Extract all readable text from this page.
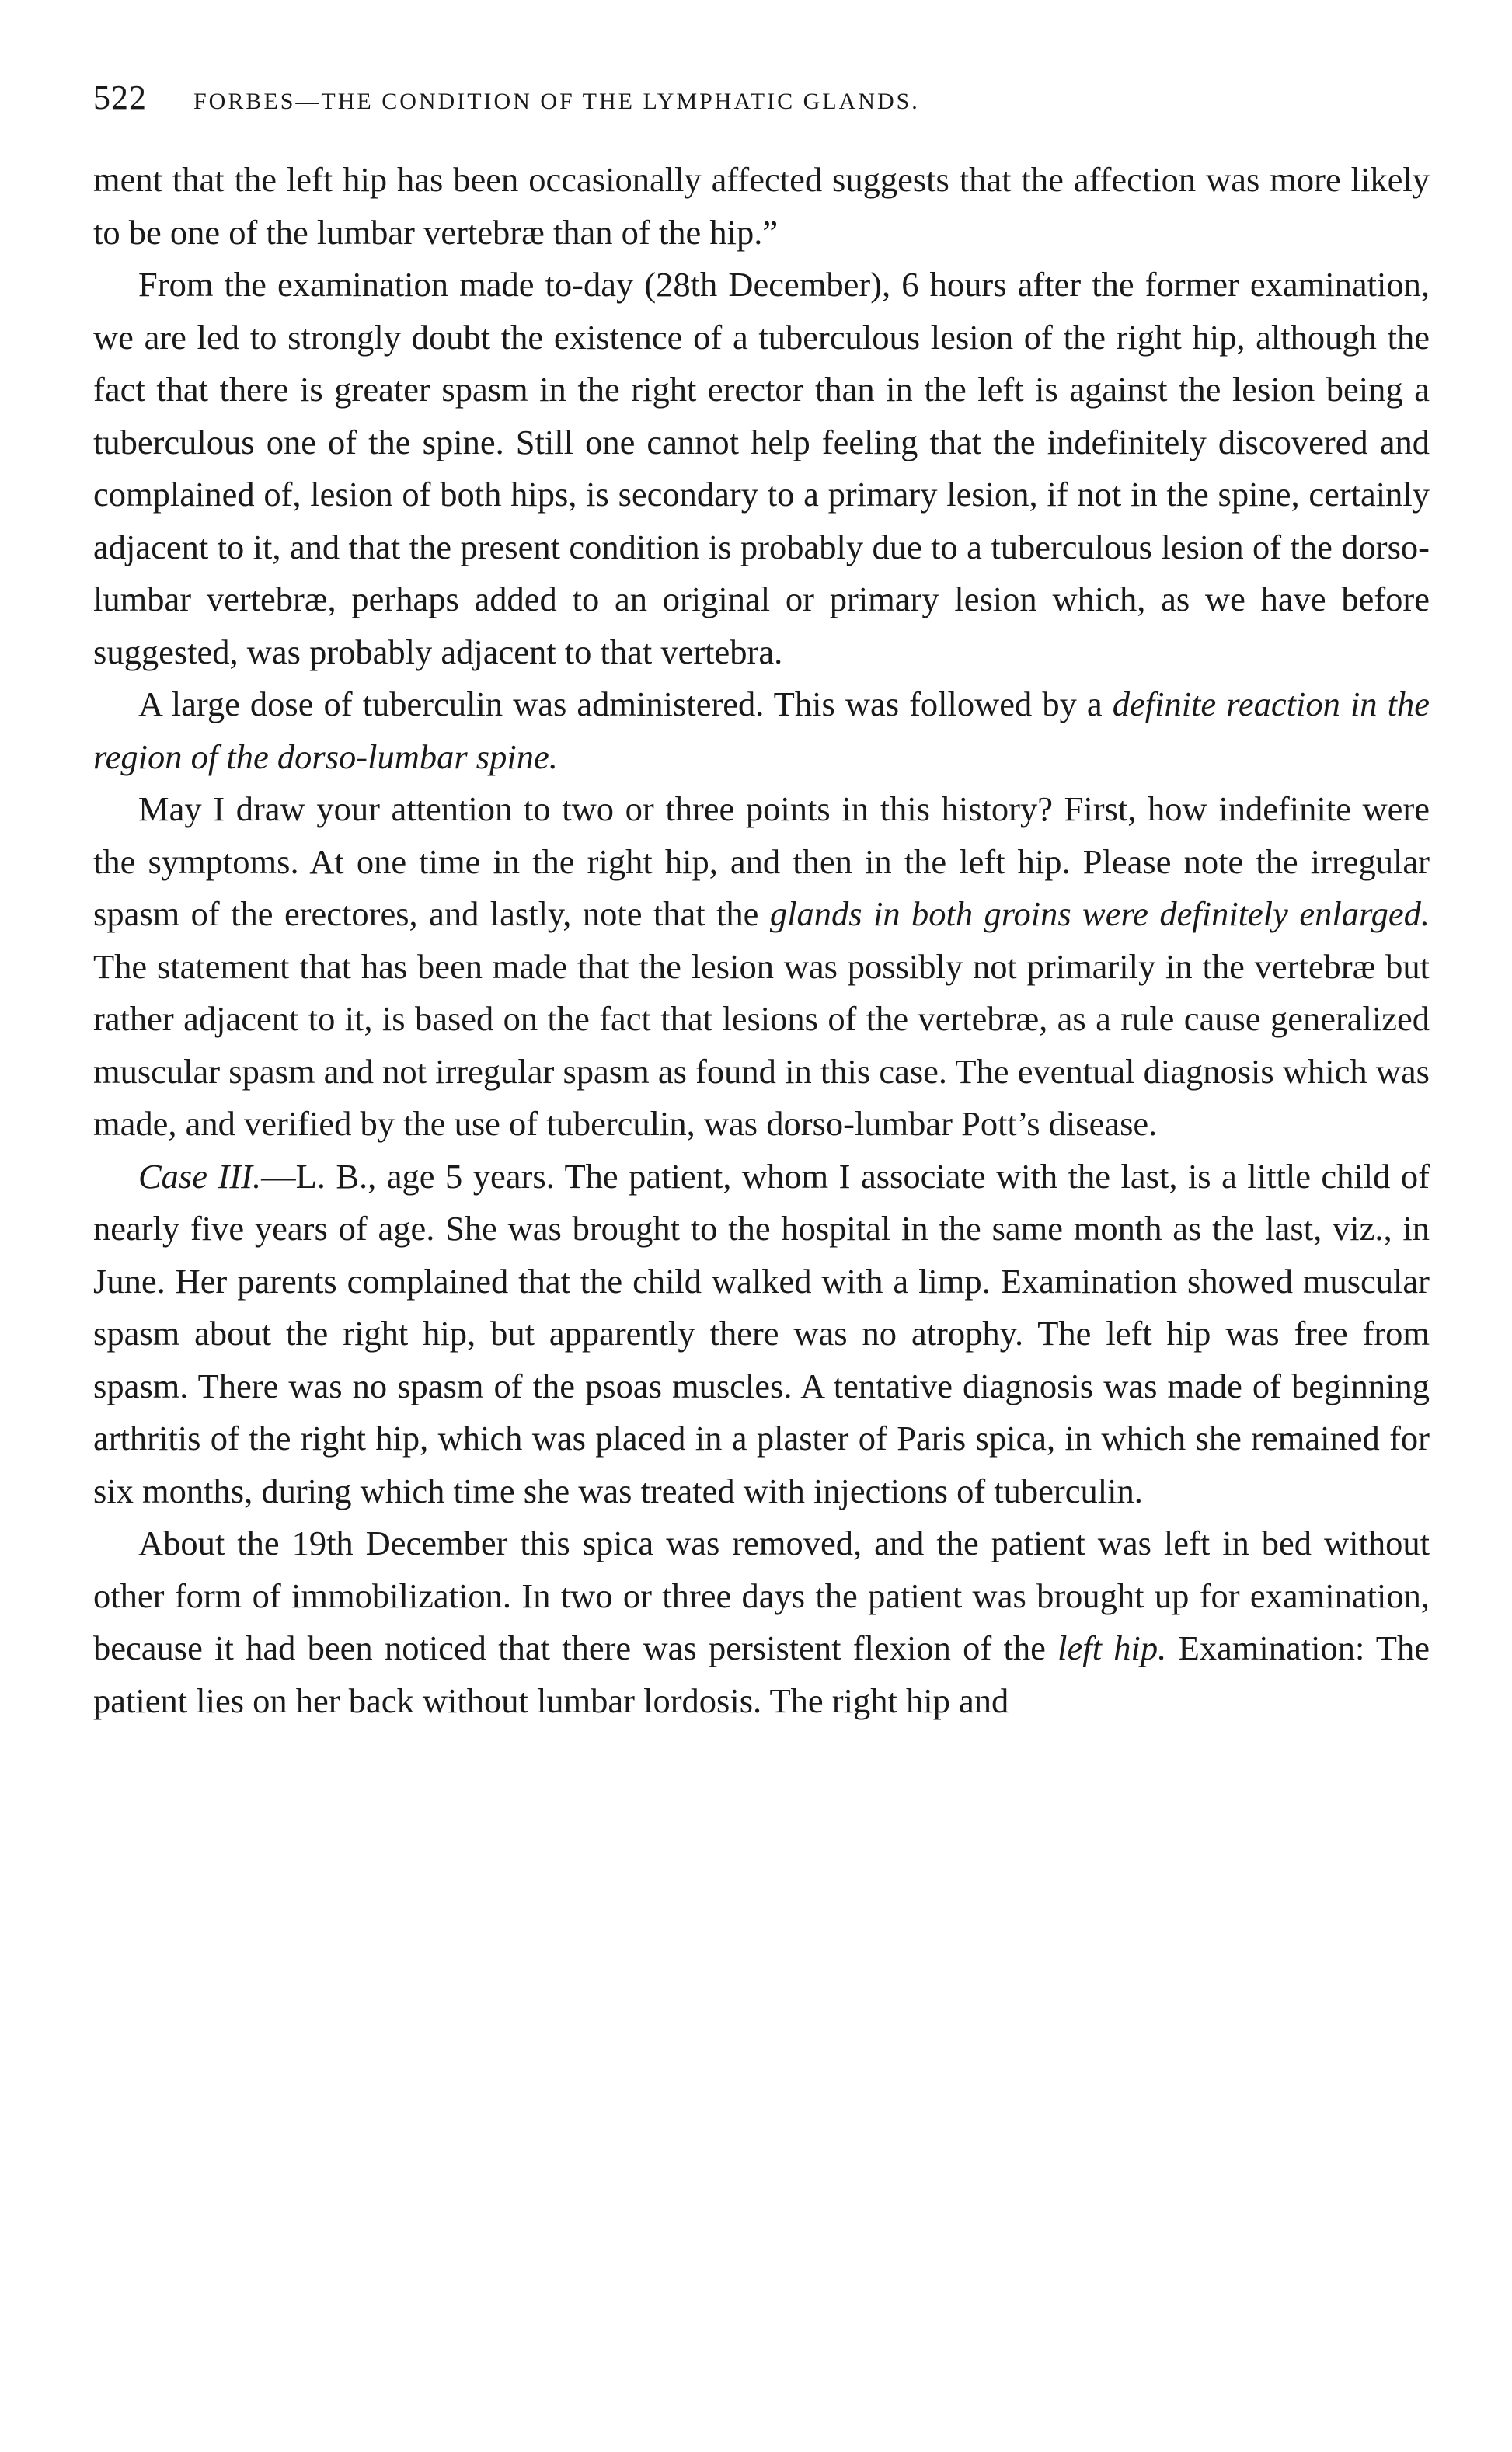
522 FORBES—THE CONDITION OF THE LYMPHATIC GLANDS.

ment that the left hip has been occasionally affected suggests that the affection was more likely to be one of the lumbar vertebræ than of the hip.”

From the examination made to-day (28th December), 6 hours after the former examination, we are led to strongly doubt the existence of a tuberculous lesion of the right hip, although the fact that there is greater spasm in the right erector than in the left is against the lesion being a tuberculous one of the spine. Still one cannot help feeling that the indefinitely discovered and complained of, lesion of both hips, is secondary to a primary lesion, if not in the spine, certainly adjacent to it, and that the present condition is probably due to a tuberculous lesion of the dorso-lumbar vertebræ, perhaps added to an original or primary lesion which, as we have before suggested, was probably adjacent to that vertebra.

A large dose of tuberculin was administered. This was followed by a definite reaction in the region of the dorso-lumbar spine.

May I draw your attention to two or three points in this history? First, how indefinite were the symptoms. At one time in the right hip, and then in the left hip. Please note the irregular spasm of the erectores, and lastly, note that the glands in both groins were definitely enlarged. The statement that has been made that the lesion was possibly not primarily in the vertebræ but rather adjacent to it, is based on the fact that lesions of the vertebræ, as a rule cause generalized muscular spasm and not irregular spasm as found in this case. The eventual diagnosis which was made, and verified by the use of tuberculin, was dorso-lumbar Pott’s disease.

Case III.—L. B., age 5 years. The patient, whom I associate with the last, is a little child of nearly five years of age. She was brought to the hospital in the same month as the last, viz., in June. Her parents complained that the child walked with a limp. Examination showed muscular spasm about the right hip, but apparently there was no atrophy. The left hip was free from spasm. There was no spasm of the psoas muscles. A tentative diagnosis was made of beginning arthritis of the right hip, which was placed in a plaster of Paris spica, in which she remained for six months, during which time she was treated with injections of tuberculin.

About the 19th December this spica was removed, and the patient was left in bed without other form of immobilization. In two or three days the patient was brought up for examination, because it had been noticed that there was persistent flexion of the left hip. Examination: The patient lies on her back without lumbar lordosis. The right hip and
